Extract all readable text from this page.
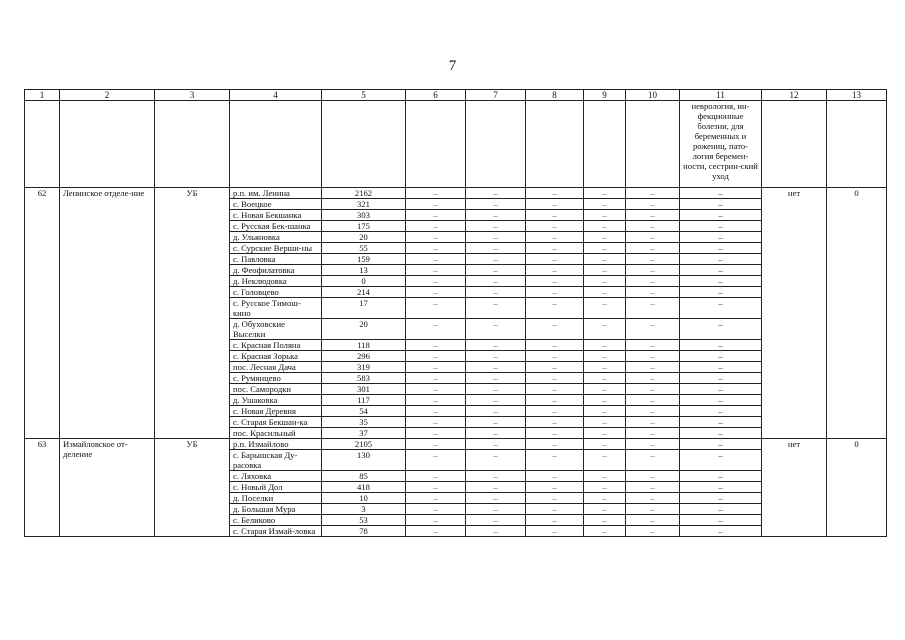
7
1	2	3	4	5	6	7	8	9	10	11	12	13
										неврология, ин-фекционные болезни, для беременных и рожениц, пато-логия беремен-ности, сестрин-ский уход		
62	Ленинское отделе-ние	УБ	р.п. им. Ленина	2162	–	–	–	–	–	–	нет	0
			с. Воецкое	321	–	–	–	–	–	–		
			с. Новая Бекшанка	303	–	–	–	–	–	–		
			с. Русская Бек-шанка	175	–	–	–	–	–	–		
			д. Ульяновка	20	–	–	–	–	–	–		
			с. Сурские Верши-ны	55	–	–	–	–	–	–		
			с. Павловка	159	–	–	–	–	–	–		
			д. Феофилатовка	13	–	–	–	–	–	–		
			д. Неклюдовка	0	–	–	–	–	–	–		
			с. Головцево	214	–	–	–	–	–	–		
			с. Русское Тимош-кино	17	–	–	–	–	–	–		
			д. Обуховские Выселки	20	–	–	–	–	–	–		
			с. Красная Поляна	118	–	–	–	–	–	–		
			с. Красная Зорька	296	–	–	–	–	–	–		
			пос. Лесная Дача	319	–	–	–	–	–	–		
			с. Румянцево	583	–	–	–	–	–	–		
			пос. Самородки	301	–	–	–	–	–	–		
			д. Ушаковка	117	–	–	–	–	–	–		
			с. Новая Деревня	54	–	–	–	–	–	–		
			с. Старая Бекшан-ка	35	–	–	–	–	–	–		
			пос. Красильный	37	–	–	–	–	–	–		
63	Измайловское от-деление	УБ	р.п. Измайлово	2105	–	–	–	–	–	–	нет	0
			с. Барышская Ду-расовка	130	–	–	–	–	–	–		
			с. Ляховка	85	–	–	–	–	–	–		
			с. Новый Дол	418	–	–	–	–	–	–		
			д. Поселки	10	–	–	–	–	–	–		
			д. Большая Мура	3	–	–	–	–	–	–		
			с. Беликово	53	–	–	–	–	–	–		
			с. Старая Измай-ловка	78	–	–	–	–	–	–		
